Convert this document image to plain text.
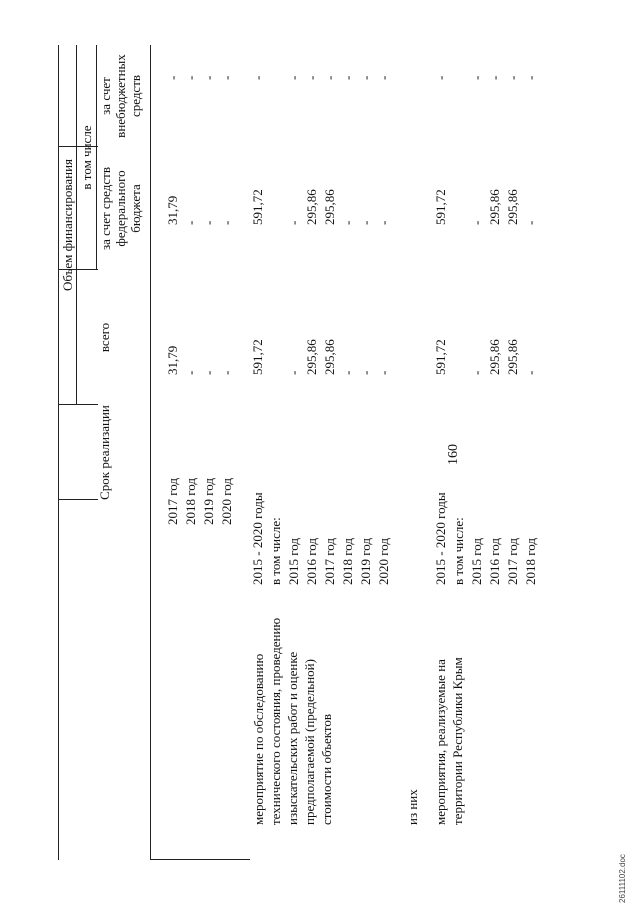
160
Срок реализации
Объем финансирования
всего
в том числе
за счет средств федерального бюджета
за счет внебюджетных средств
2017 год
31,79
31,79
-
2018 год
-
-
-
2019 год
-
-
-
2020 год
-
-
-
мероприятие по обследованию технического состояния, проведению изыскательских работ и оценке предполагаемой (предельной) стоимости объектов
2015 - 2020 годы
591,72
591,72
-
в том числе: 2015 год
-
-
-
2016 год
295,86
295,86
-
2017 год
295,86
295,86
-
2018 год
-
-
-
2019 год
-
-
-
2020 год
-
-
-
из них мероприятия, реализуемые на территории Республики Крым
2015 - 2020 годы
591,72
591,72
-
в том числе: 2015 год
-
-
-
2016 год
295,86
295,86
-
2017 год
295,86
295,86
-
2018 год
-
-
-
26111102.doc
